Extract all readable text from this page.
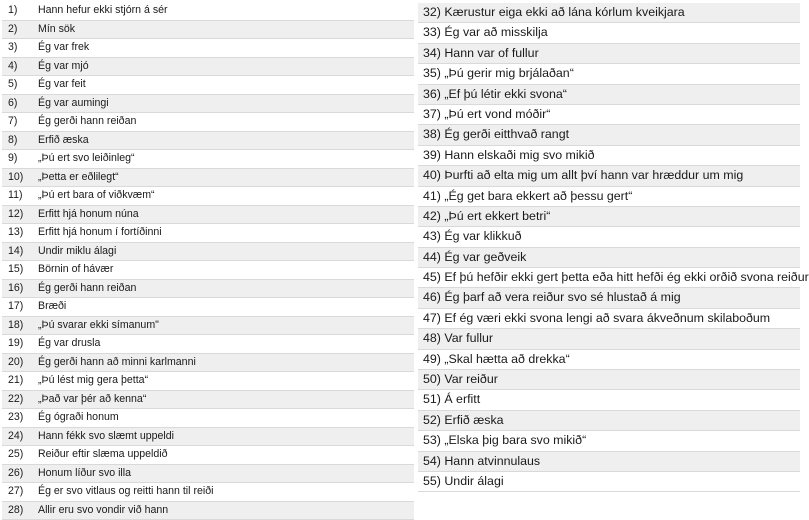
1) Hann hefur ekki stjórn á sér
2) Mín sök
3) Ég var frek
4) Ég var mjó
5) Ég var feit
6) Ég var aumingi
7) Ég gerði hann reiðan
8) Erfið æska
9) „Þú ert svo leiðinleg“
10) „Þetta er eðlilegt“
11) „Þú ert bara of viðkvæm“
12) Erfitt hjá honum núna
13) Erfitt hjá honum í fortíðinni
14) Undir miklu álagi
15) Börnin of hávær
16) Ég gerði hann reiðan
17) Bræði
18) „Þú svarar ekki símanum"
19) Ég var drusla
20) Ég gerði hann að minni karlmanni
21) „Þú lést mig gera þetta“
22) „Það var þér að kenna“
23) Ég ógraði honum
24) Hann fékk svo slæmt uppeldi
25) Reiður eftir slæma uppeldið
26) Honum líður svo illa
27) Ég er svo vitlaus og reitti hann til reiði
28) Allir eru svo vondir við hann
32) Kærustur eiga ekki að lána kórlum kveikjara
33) Ég var að misskilja
34) Hann var of fullur
35) „Þú gerir mig brjálaðan“
36) „Ef þú létir ekki svona“
37) „Þú ert vond móðir“
38) Ég gerði eitthvað rangt
39) Hann elskaði mig svo mikið
40) Þurfti að elta mig um allt því hann var hræddur um mig
41) „Ég get bara ekkert að þessu gert“
42) „Þú ert ekkert betri“
43) Ég var klikkuð
44) Ég var geðveik
45) Ef þú hefðir ekki gert þetta eða hitt hefði ég ekki orðið svona reiður
46) Ég þarf að vera reiður svo sé hlustað á mig
47) Ef ég væri ekki svona lengi að svara ákveðnum skilaboðum
48) Var fullur
49) „Skal hætta að drekka“
50) Var reiður
51) Á erfitt
52) Erfið æska
53) „Elska þig bara svo mikið“
54) Hann atvinnulaus
55) Undir álagi
